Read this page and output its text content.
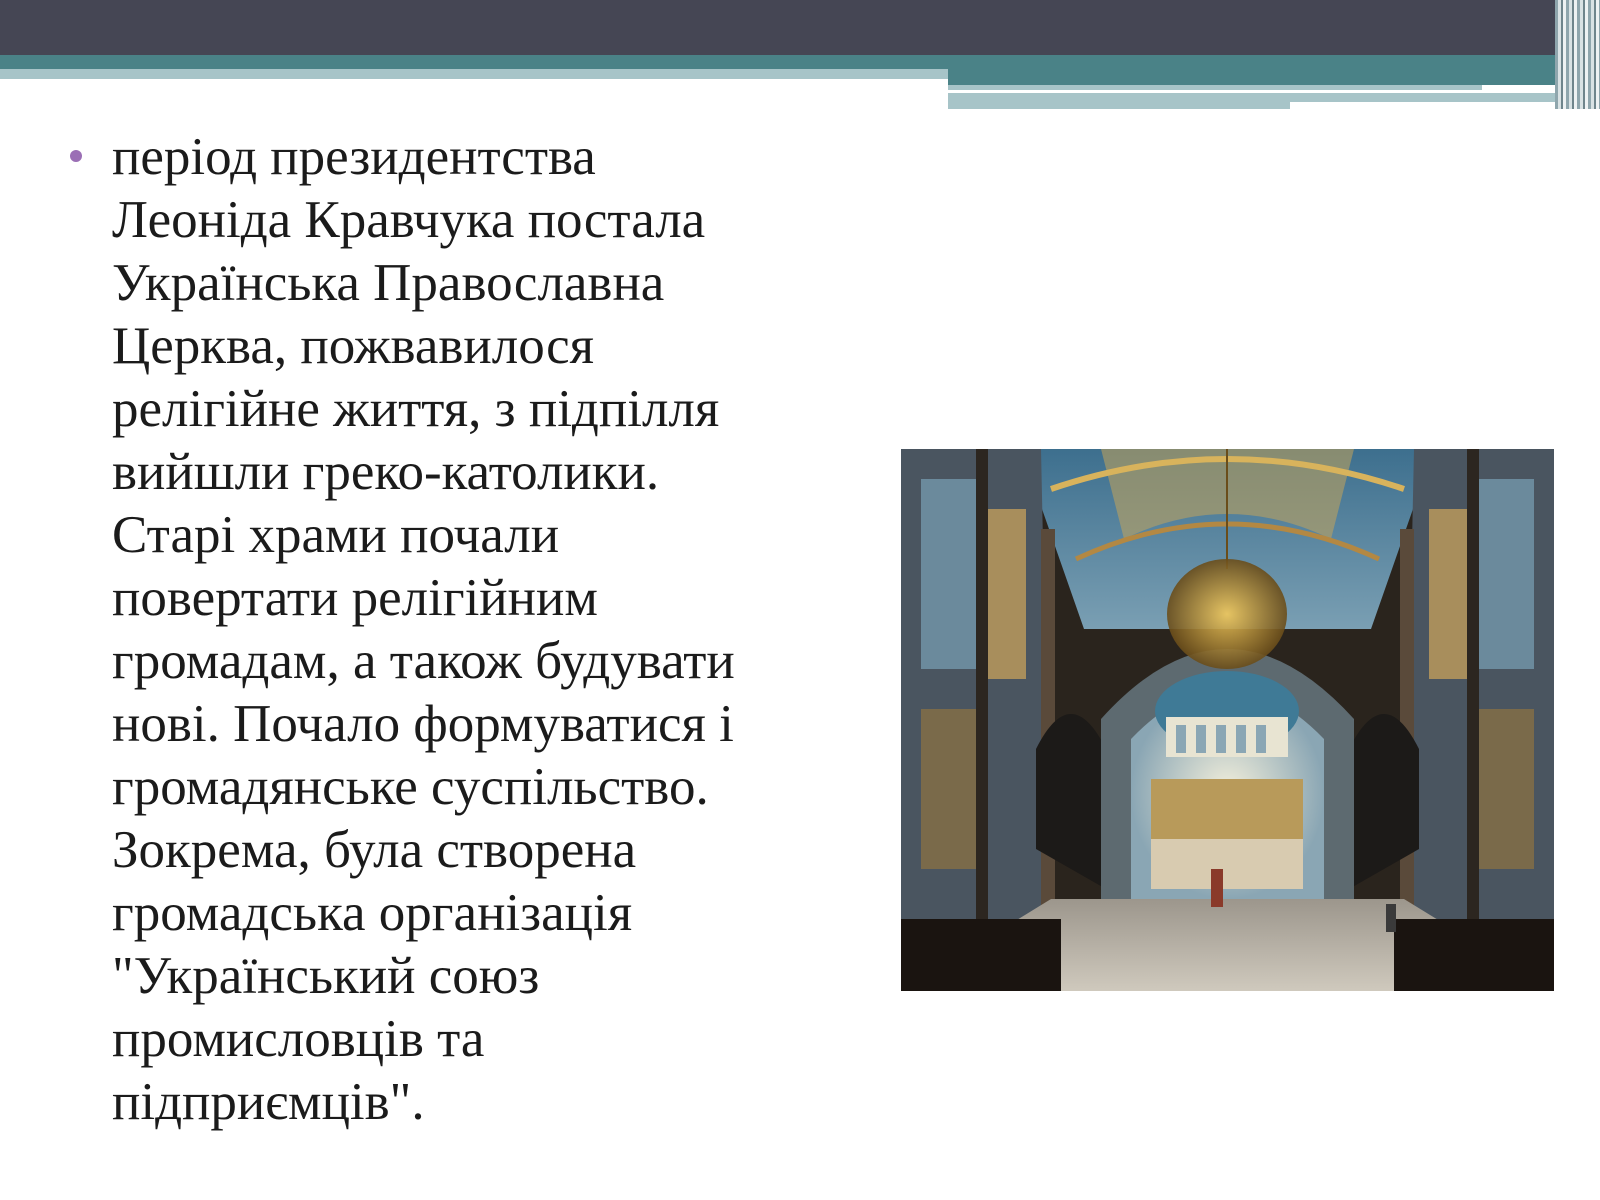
період президентства
Леоніда Кравчука постала
Українська Православна
Церква, пожвавилося
релігійне життя, з підпілля
вийшли греко-католики.
Старі храми почали
повертати релігійним
громадам, а також будувати
нові. Почало формуватися і
громадянське суспільство.
Зокрема, була створена
громадська організація
"Український союз
промисловців та
підприємців".
